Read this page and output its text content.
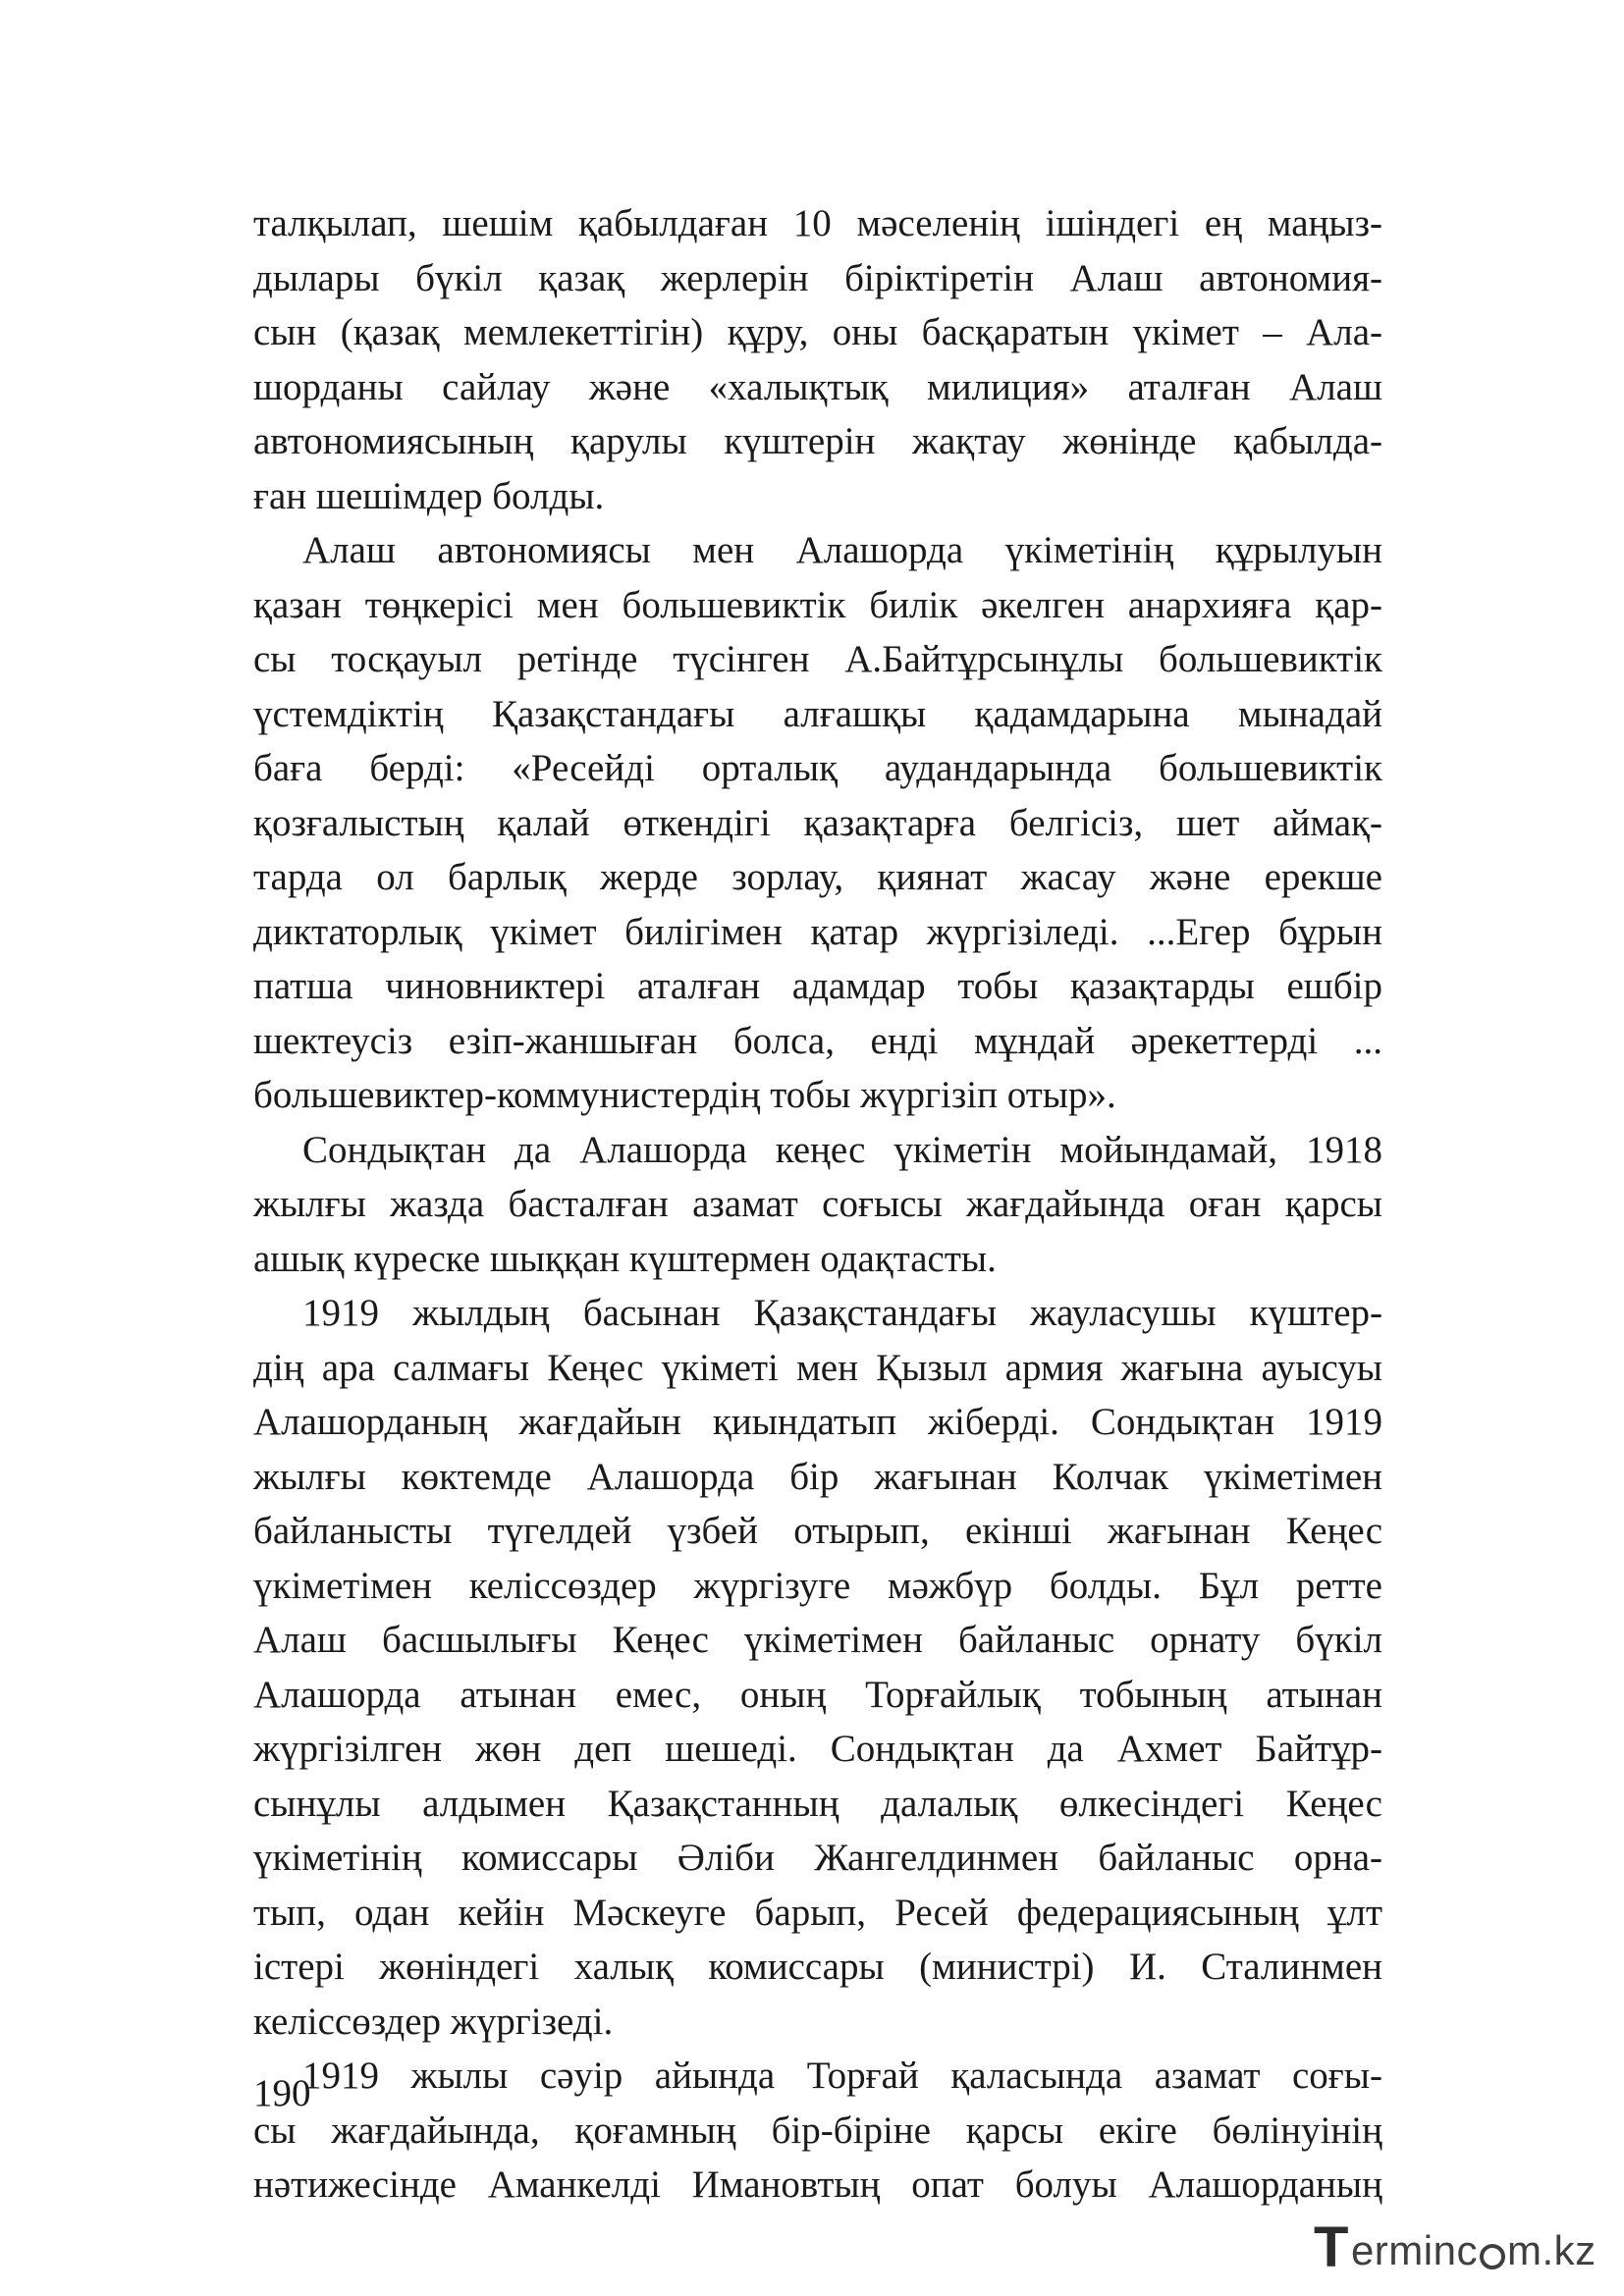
талқылап, шешім қабылдаған 10 мәселенің ішіндегі ең маңыз-
дылары бүкіл қазақ жерлерін біріктіретін Алаш автономия-
сын (қазақ мемлекеттігін) құру, оны басқаратын үкімет – Ала-
шорданы сайлау және «халықтық милиция» аталған Алаш
автономиясының қарулы күштерін жақтау жөнінде қабылда-
ған шешімдер болды.
Алаш автономиясы мен Алашорда үкіметінің құрылуын
қазан төңкерісі мен большевиктік билік әкелген анархияға қар-
сы тосқауыл ретінде түсінген А.Байтұрсынұлы большевиктік
үстемдіктің Қазақстандағы алғашқы қадамдарына мынадай
баға берді: «Ресейді орталық аудандарында большевиктік
қозғалыстың қалай өткендігі қазақтарға белгісіз, шет аймақ-
тарда ол барлық жерде зорлау, қиянат жасау және ерекше
диктаторлық үкімет билігімен қатар жүргізіледі. ...Егер бұрын
патша чиновниктері аталған адамдар тобы қазақтарды ешбір
шектеусіз езіп-жаншыған болса, енді мұндай әрекеттерді ...
большевиктер-коммунистердің тобы жүргізіп отыр».
Сондықтан да Алашорда кеңес үкіметін мойындамай, 1918
жылғы жазда басталған азамат соғысы жағдайында оған қарсы
ашық күреске шыққан күштермен одақтасты.
1919 жылдың басынан Қазақстандағы жауласушы күштер-
дің ара салмағы Кеңес үкіметі мен Қызыл армия жағына ауысуы
Алашорданың жағдайын қиындатып жіберді. Сондықтан 1919
жылғы көктемде Алашорда бір жағынан Колчак үкіметімен
байланысты түгелдей үзбей отырып, екінші жағынан Кеңес
үкіметімен келіссөздер жүргізуге мәжбүр болды. Бұл ретте
Алаш басшылығы Кеңес үкіметімен байланыс орнату бүкіл
Алашорда атынан емес, оның Торғайлық тобының атынан
жүргізілген жөн деп шешеді. Сондықтан да Ахмет Байтұр-
сынұлы алдымен Қазақстанның далалық өлкесіндегі Кеңес
үкіметінің комиссары Әліби Жангелдинмен байланыс орна-
тып, одан кейін Мәскеуге барып, Ресей федерациясының ұлт
істері жөніндегі халық комиссары (министрі) И. Сталинмен
келіссөздер жүргізеді.
1919 жылы сәуір айында Торғай қаласында азамат соғы-
сы жағдайында, қоғамның бір-біріне қарсы екіге бөлінуінің
нәтижесінде Аманкелді Имановтың опат болуы Алашорданың
190
T erminc m.kz
